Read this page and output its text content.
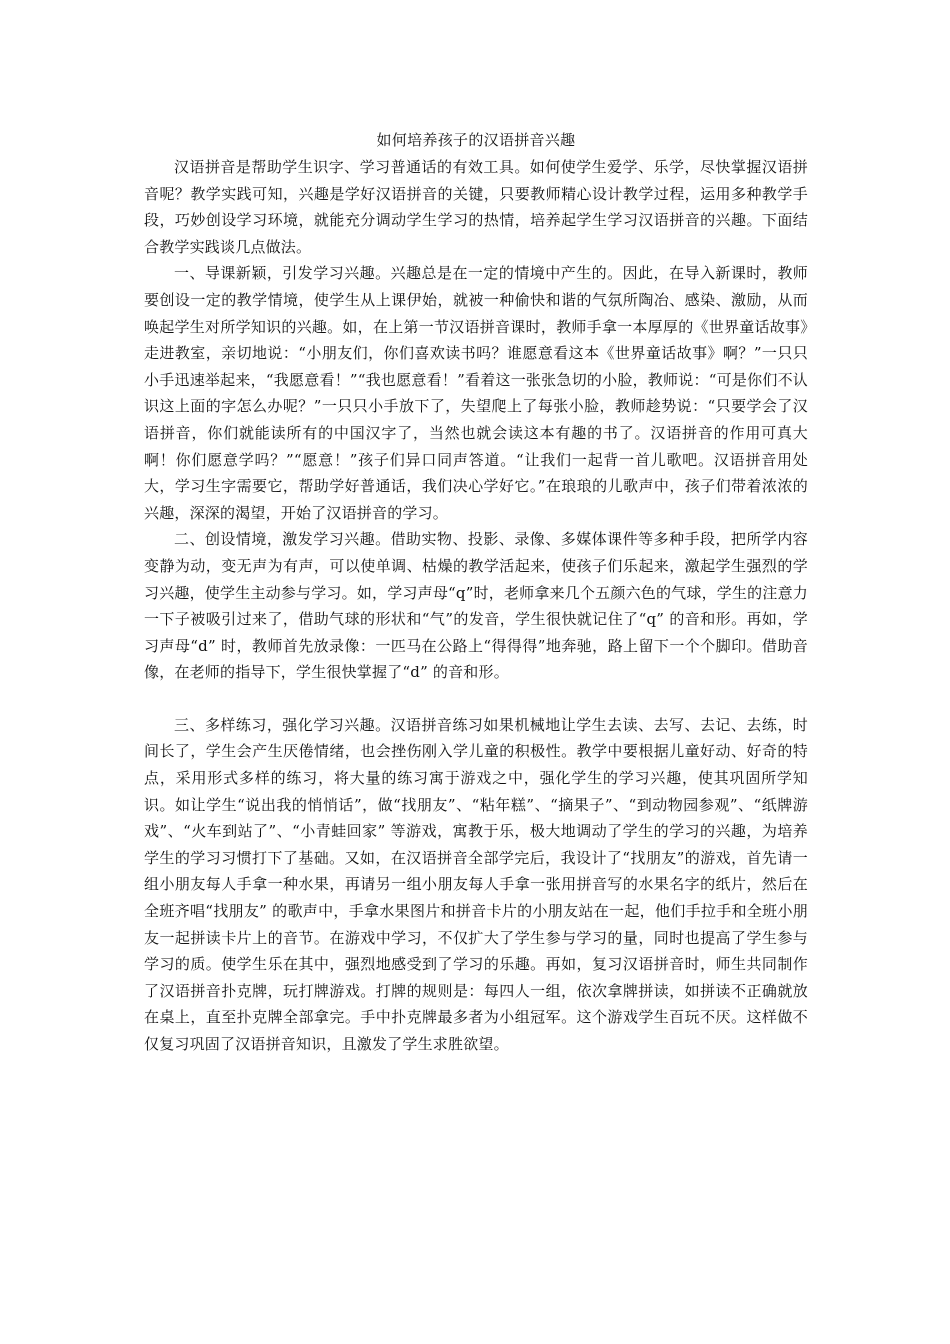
如何培养孩子的汉语拼音兴趣

汉语拼音是帮助学生识字、学习普通话的有效工具。如何使学生爱学、乐学，尽快掌握汉语拼音呢？教学实践可知，兴趣是学好汉语拼音的关键，只要教师精心设计教学过程，运用多种教学手段，巧妙创设学习环境，就能充分调动学生学习的热情，培养起学生学习汉语拼音的兴趣。下面结合教学实践谈几点做法。

一、导课新颖，引发学习兴趣。兴趣总是在一定的情境中产生的。因此，在导入新课时，教师要创设一定的教学情境，使学生从上课伊始，就被一种偷快和谐的气氛所陶冶、感染、激励，从而唤起学生对所学知识的兴趣。如，在上第一节汉语拼音课时，教师手拿一本厚厚的《世界童话故事》走进教室，亲切地说：“小朋友们，你们喜欢读书吗？谁愿意看这本《世界童话故事》啊？”一只只小手迅速举起来，“我愿意看！”“我也愿意看！”看着这一张张急切的小脸，教师说：“可是你们不认识这上面的字怎么办呢？”一只只小手放下了，失望爬上了每张小脸，教师趁势说：“只要学会了汉语拼音，你们就能读所有的中国汉字了，当然也就会读这本有趣的书了。汉语拼音的作用可真大啊！你们愿意学吗？”“愿意！”孩子们异口同声答道。“让我们一起背一首儿歌吧。汉语拼音用处大，学习生字需要它，帮助学好普通话，我们决心学好它。”在琅琅的儿歌声中，孩子们带着浓浓的兴趣，深深的渴望，开始了汉语拼音的学习。

二、创设情境，激发学习兴趣。借助实物、投影、录像、多媒体课件等多种手段，把所学内容变静为动，变无声为有声，可以使单调、枯燥的教学活起来，使孩子们乐起来，激起学生强烈的学习兴趣，使学生主动参与学习。如，学习声母“q”时，老师拿来几个五颜六色的气球，学生的注意力一下子被吸引过来了，借助气球的形状和“气”的发音，学生很快就记住了“q” 的音和形。再如，学习声母“d” 时，教师首先放录像：一匹马在公路上“得得得”地奔驰，路上留下一个个脚印。借助音像，在老师的指导下，学生很快掌握了“d” 的音和形。

三、多样练习，强化学习兴趣。汉语拼音练习如果机械地让学生去读、去写、去记、去练，时间长了，学生会产生厌倦情绪，也会挫伤刚入学儿童的积极性。教学中要根据儿童好动、好奇的特点，采用形式多样的练习，将大量的练习寓于游戏之中，强化学生的学习兴趣，使其巩固所学知识。如让学生“说出我的悄悄话”，做“找朋友”、“粘年糕”、“摘果子”、“到动物园参观”、“纸牌游戏”、“火车到站了”、“小青蛙回家” 等游戏，寓教于乐，极大地调动了学生的学习的兴趣，为培养学生的学习习惯打下了基础。又如，在汉语拼音全部学完后，我设计了“找朋友”的游戏，首先请一组小朋友每人手拿一种水果，再请另一组小朋友每人手拿一张用拼音写的水果名字的纸片，然后在全班齐唱“找朋友” 的歌声中，手拿水果图片和拼音卡片的小朋友站在一起，他们手拉手和全班小朋友一起拼读卡片上的音节。在游戏中学习，不仅扩大了学生参与学习的量，同时也提高了学生参与学习的质。使学生乐在其中，强烈地感受到了学习的乐趣。再如，复习汉语拼音时，师生共同制作了汉语拼音扑克牌，玩打牌游戏。打牌的规则是：每四人一组，依次拿牌拼读，如拼读不正确就放在桌上，直至扑克牌全部拿完。手中扑克牌最多者为小组冠军。这个游戏学生百玩不厌。这样做不仅复习巩固了汉语拼音知识，且激发了学生求胜欲望。
